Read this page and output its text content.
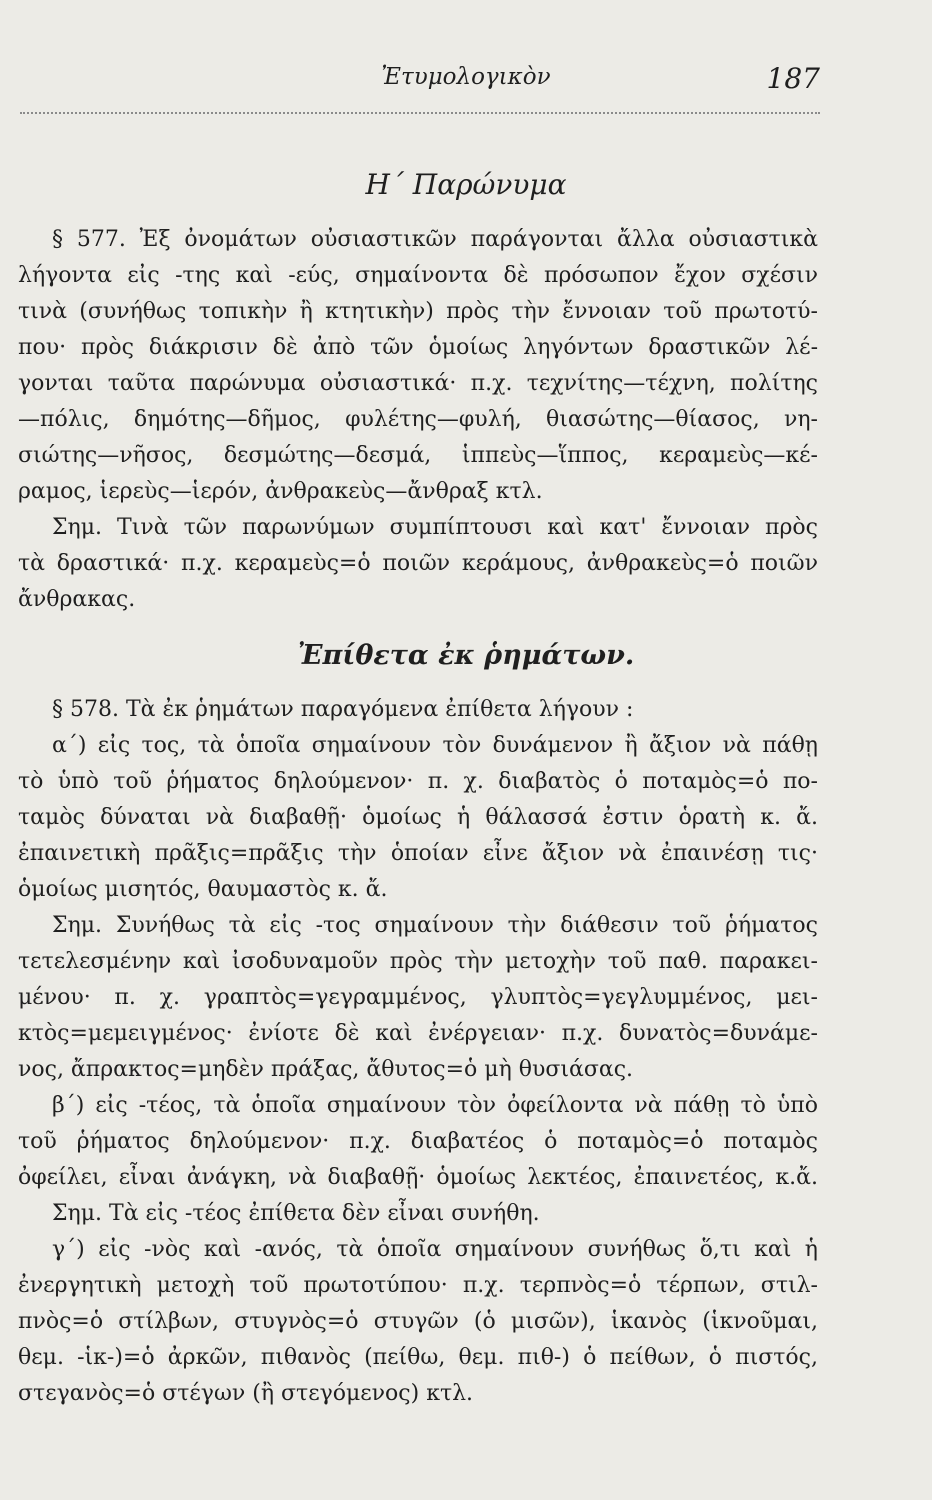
Ἐτυμολογικὸν	187
Η΄ Παρώνυμα
§ 577. Ἐξ ὀνομάτων οὐσιαστικῶν παράγονται ἄλλα οὐσιαστικὰ
λήγοντα εἰς -της καὶ -εύς, σημαίνοντα δὲ πρόσωπον ἔχον σχέσιν
τινὰ (συνήθως τοπικὴν ἢ κτητικὴν) πρὸς τὴν ἔννοιαν τοῦ πρωτοτύ-
που· πρὸς διάκρισιν δὲ ἀπὸ τῶν ὁμοίως ληγόντων δραστικῶν λέ-
γονται ταῦτα παρώνυμα οὐσιαστικά· π.χ. τεχνίτης—τέχνη, πολίτης
—πόλις, δημότης—δῆμος, φυλέτης—φυλή, θιασώτης—θίασος, νη-
σιώτης—νῆσος, δεσμώτης—δεσμά, ἱππεὺς—ἵππος, κεραμεὺς—κέ-
ραμος, ἱερεὺς—ἱερόν, ἀνθρακεὺς—ἄνθραξ κτλ.
Σημ. Τινὰ τῶν παρωνύμων συμπίπτουσι καὶ κατ' ἔννοιαν πρὸς
τὰ δραστικά· π.χ. κεραμεὺς=ὁ ποιῶν κεράμους, ἀνθρακεὺς=ὁ ποιῶν
ἄνθρακας.
Ἐπίθετα ἐκ ῥημάτων.
§ 578. Τὰ ἐκ ῥημάτων παραγόμενα ἐπίθετα λήγουν :
α΄) εἰς τος, τὰ ὁποῖα σημαίνουν τὸν δυνάμενον ἢ ἄξιον νὰ πάθῃ
τὸ ὑπὸ τοῦ ῥήματος δηλούμενον· π. χ. διαβατὸς ὁ ποταμὸς=ὁ πο-
ταμὸς δύναται νὰ διαβαθῇ· ὁμοίως ἡ θάλασσά ἐστιν ὁρατὴ κ. ἄ.
ἐπαινετικὴ πρᾶξις=πρᾶξις τὴν ὁποίαν εἶνε ἄξιον νὰ ἐπαινέσῃ τις·
ὁμοίως μισητός, θαυμαστὸς κ. ἄ.
Σημ. Συνήθως τὰ εἰς -τος σημαίνουν τὴν διάθεσιν τοῦ ῥήματος
τετελεσμένην καὶ ἰσοδυναμοῦν πρὸς τὴν μετοχὴν τοῦ παθ. παρακει-
μένου· π. χ. γραπτὸς=γεγραμμένος, γλυπτὸς=γεγλυμμένος, μει-
κτὸς=μεμειγμένος· ἐνίοτε δὲ καὶ ἐνέργειαν· π.χ. δυνατὸς=δυνάμε-
νος, ἄπρακτος=μηδὲν πράξας, ἄθυτος=ὁ μὴ θυσιάσας.
β΄) εἰς -τέος, τὰ ὁποῖα σημαίνουν τὸν ὀφείλοντα νὰ πάθῃ τὸ ὑπὸ
τοῦ ῥήματος δηλούμενον· π.χ. διαβατέος ὁ ποταμὸς=ὁ ποταμὸς
ὀφείλει, εἶναι ἀνάγκη, νὰ διαβαθῇ· ὁμοίως λεκτέος, ἐπαινετέος, κ.ἄ.
Σημ. Τὰ εἰς -τέος ἐπίθετα δὲν εἶναι συνήθη.
γ΄) εἰς -νὸς καὶ -ανός, τὰ ὁποῖα σημαίνουν συνήθως ὅ,τι καὶ ἡ
ἐνεργητικὴ μετοχὴ τοῦ πρωτοτύπου· π.χ. τερπνὸς=ὁ τέρπων, στιλ-
πνὸς=ὁ στίλβων, στυγνὸς=ὁ στυγῶν (ὁ μισῶν), ἱκανὸς (ἱκνοῦμαι,
θεμ. -ἱκ-)=ὁ ἀρκῶν, πιθανὸς (πείθω, θεμ. πιθ-) ὁ πείθων, ὁ πιστός,
στεγανὸς=ὁ στέγων (ἢ στεγόμενος) κτλ.
